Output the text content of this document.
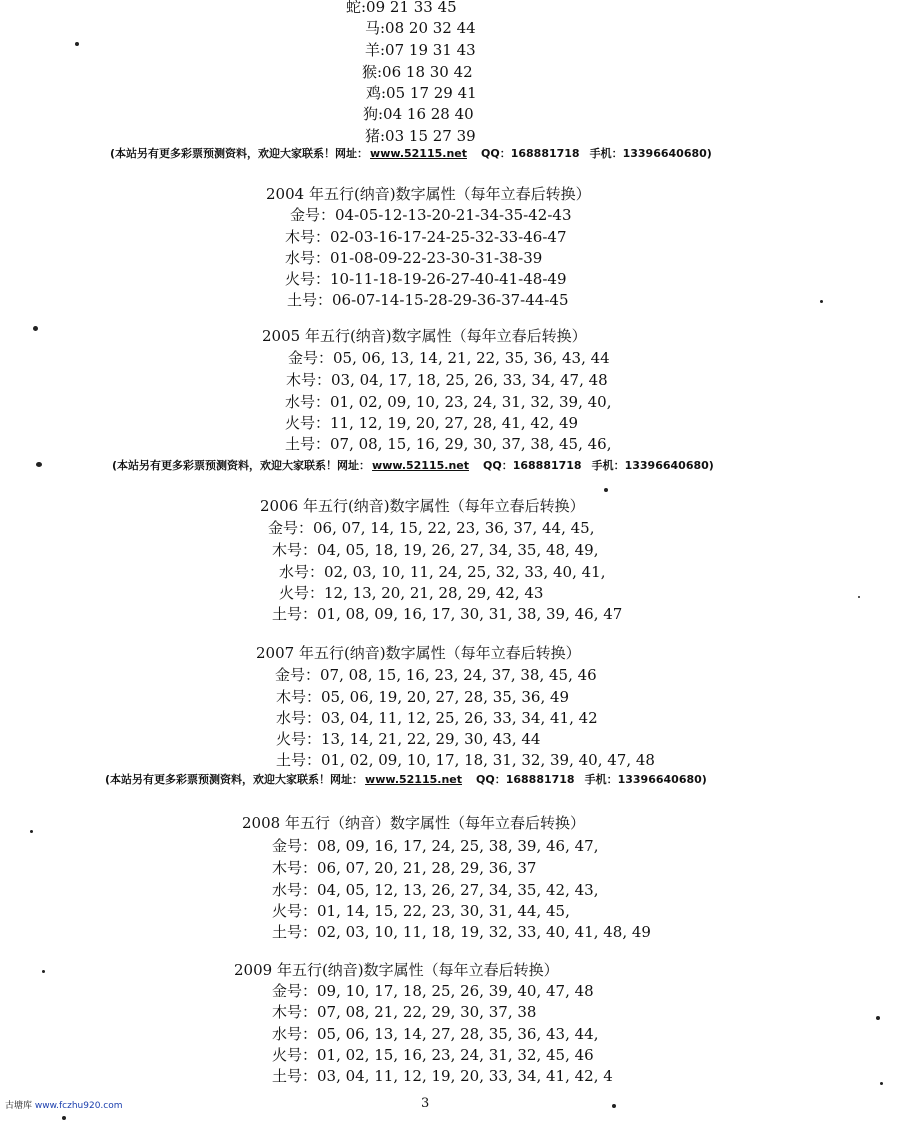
蛇:09 21 33 45
马:08 20 32 44
羊:07 19 31 43
猴:06 18 30 42
鸡:05 17 29 41
狗:04 16 28 40
猪:03 15 27 39
(本站另有更多彩票预测资料，欢迎大家联系！网址： www.52115.net QQ：168881718 手机：13396640680)
2004 年五行(纳音)数字属性（每年立春后转换）
金号：04-05-12-13-20-21-34-35-42-43
木号：02-03-16-17-24-25-32-33-46-47
水号：01-08-09-22-23-30-31-38-39
火号：10-11-18-19-26-27-40-41-48-49
土号：06-07-14-15-28-29-36-37-44-45
2005 年五行(纳音)数字属性（每年立春后转换）
金号：05, 06, 13, 14, 21, 22, 35, 36, 43, 44
木号：03, 04, 17, 18, 25, 26, 33, 34, 47, 48
水号：01, 02, 09, 10, 23, 24, 31, 32, 39, 40,
火号：11, 12, 19, 20, 27, 28, 41, 42, 49
土号：07, 08, 15, 16, 29, 30, 37, 38, 45, 46,
(本站另有更多彩票预测资料，欢迎大家联系！网址： www.52115.net QQ：168881718 手机：13396640680)
2006 年五行(纳音)数字属性（每年立春后转换）
金号：06, 07, 14, 15, 22, 23, 36, 37, 44, 45,
木号：04, 05, 18, 19, 26, 27, 34, 35, 48, 49,
水号：02, 03, 10, 11, 24, 25, 32, 33, 40, 41,
火号：12, 13, 20, 21, 28, 29, 42, 43
土号：01, 08, 09, 16, 17, 30, 31, 38, 39, 46, 47
2007 年五行(纳音)数字属性（每年立春后转换）
金号：07, 08, 15, 16, 23, 24, 37, 38, 45, 46
木号：05, 06, 19, 20, 27, 28, 35, 36, 49
水号：03, 04, 11, 12, 25, 26, 33, 34, 41, 42
火号：13, 14, 21, 22, 29, 30, 43, 44
土号：01, 02, 09, 10, 17, 18, 31, 32, 39, 40, 47, 48
(本站另有更多彩票预测资料，欢迎大家联系！网址： www.52115.net QQ：168881718 手机：13396640680)
2008 年五行（纳音）数字属性（每年立春后转换）
金号：08, 09, 16, 17, 24, 25, 38, 39, 46, 47,
木号：06, 07, 20, 21, 28, 29, 36, 37
水号：04, 05, 12, 13, 26, 27, 34, 35, 42, 43,
火号：01, 14, 15, 22, 23, 30, 31, 44, 45,
土号：02, 03, 10, 11, 18, 19, 32, 33, 40, 41, 48, 49
2009 年五行(纳音)数字属性（每年立春后转换）
金号：09, 10, 17, 18, 25, 26, 39, 40, 47, 48
木号：07, 08, 21, 22, 29, 30, 37, 38
水号：05, 06, 13, 14, 27, 28, 35, 36, 43, 44,
火号：01, 02, 15, 16, 23, 24, 31, 32, 45, 46
土号：03, 04, 11, 12, 19, 20, 33, 34, 41, 42, 4
古塘库 www.fczhu920.com	3
